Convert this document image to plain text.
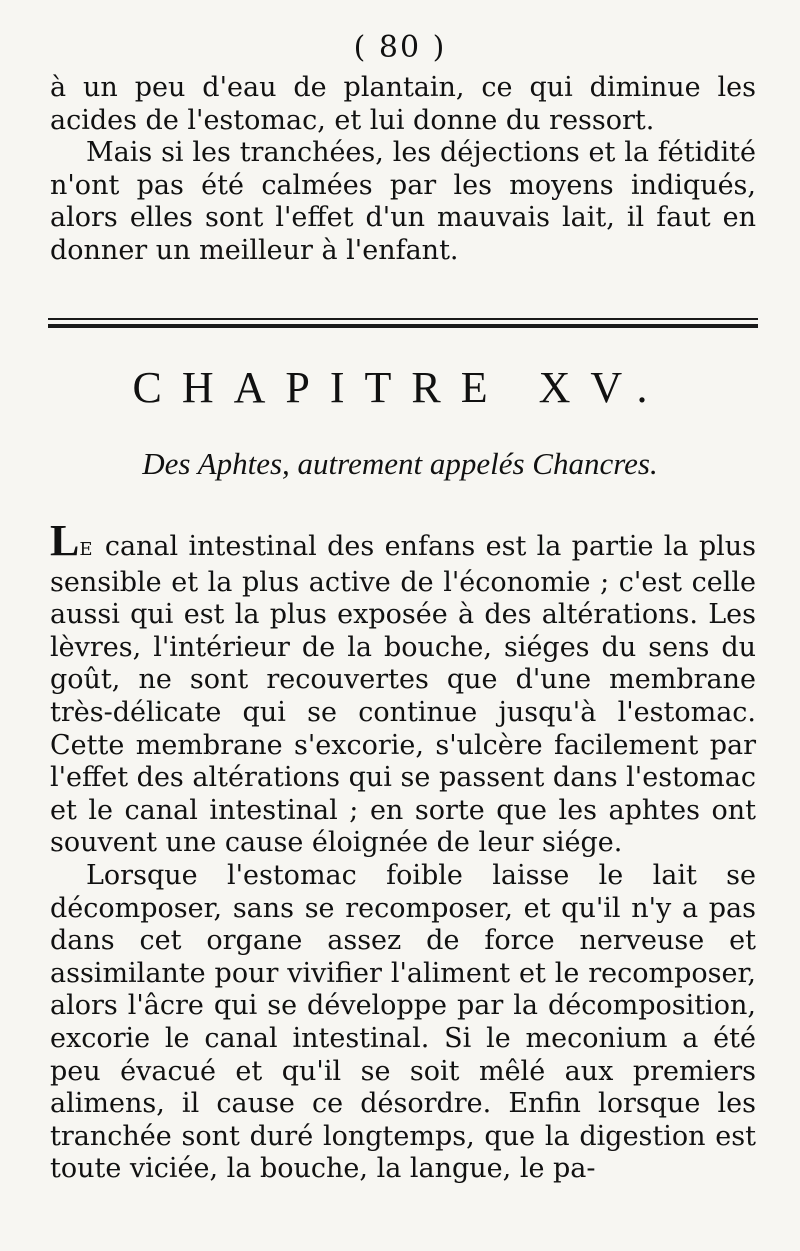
( 80 )

à un peu d'eau de plantain, ce qui diminue les acides de l'estomac, et lui donne du ressort.

Mais si les tranchées, les déjections et la fétidité n'ont pas été calmées par les moyens indiqués, alors elles sont l'effet d'un mauvais lait, il faut en donner un meilleur à l'enfant.

CHAPITRE XV.
Des Aphtes, autrement appelés Chancres.

LE canal intestinal des enfans est la partie la plus sensible et la plus active de l'économie ; c'est celle aussi qui est la plus exposée à des altérations. Les lèvres, l'intérieur de la bouche, siéges du sens du goût, ne sont recouvertes que d'une membrane très-délicate qui se continue jusqu'à l'estomac. Cette membrane s'excorie, s'ulcère facilement par l'effet des altérations qui se passent dans l'estomac et le canal intestinal ; en sorte que les aphtes ont souvent une cause éloignée de leur siége.

Lorsque l'estomac foible laisse le lait se décomposer, sans se recomposer, et qu'il n'y a pas dans cet organe assez de force nerveuse et assimilante pour vivifier l'aliment et le recomposer, alors l'âcre qui se développe par la décomposition, excorie le canal intestinal. Si le meconium a été peu évacué et qu'il se soit mêlé aux premiers alimens, il cause ce désordre. Enfin lorsque les tranchée sont duré longtemps, que la digestion est toute viciée, la bouche, la langue, le pa-
